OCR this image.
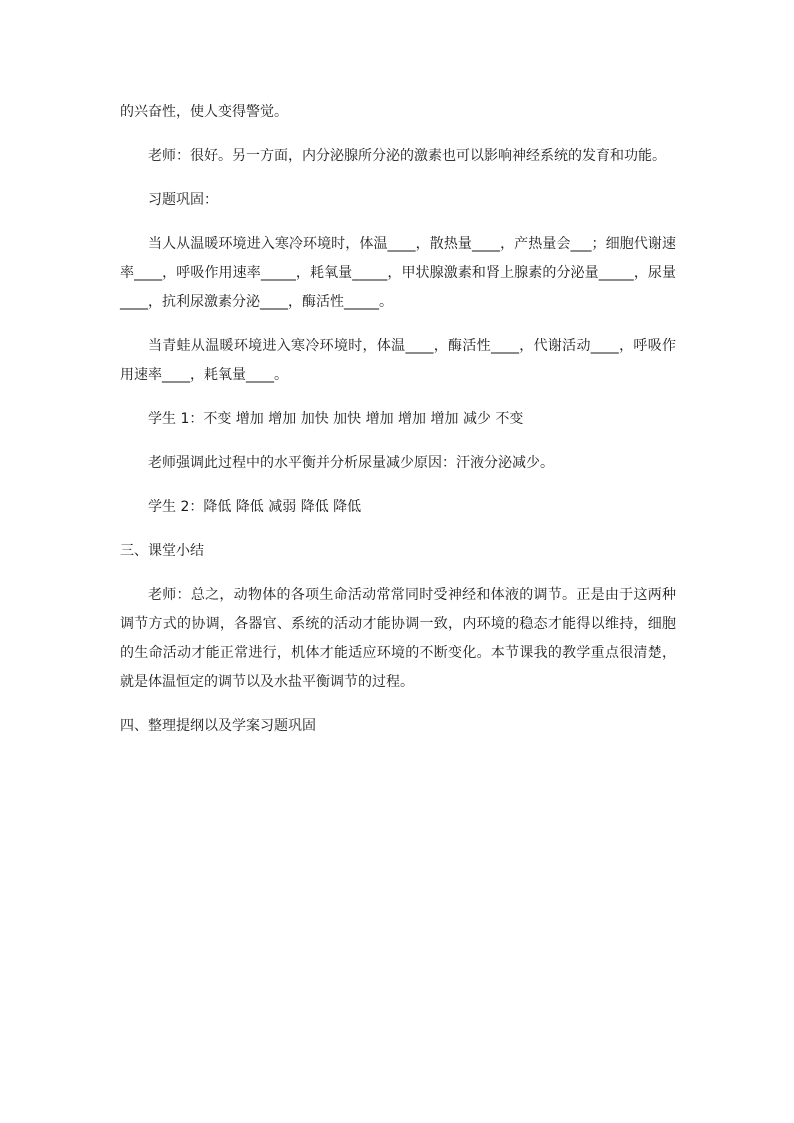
的兴奋性，使人变得警觉。

老师：很好。另一方面，内分泌腺所分泌的激素也可以影响神经系统的发育和功能。

习题巩固：

当人从温暖环境进入寒冷环境时，体温____，散热量____，产热量会___；细胞代谢速率____，呼吸作用速率_____，耗氧量_____，甲状腺激素和肾上腺素的分泌量_____，尿量____，抗利尿激素分泌____，酶活性_____。

当青蛙从温暖环境进入寒冷环境时，体温____，酶活性____，代谢活动____，呼吸作用速率____，耗氧量____。

学生 1：不变 增加 增加 加快 加快 增加 增加 增加 减少 不变

老师强调此过程中的水平衡并分析尿量减少原因：汗液分泌减少。

学生 2：降低 降低 减弱 降低 降低

三、课堂小结

老师：总之，动物体的各项生命活动常常同时受神经和体液的调节。正是由于这两种调节方式的协调，各器官、系统的活动才能协调一致，内环境的稳态才能得以维持，细胞的生命活动才能正常进行，机体才能适应环境的不断变化。本节课我的教学重点很清楚，就是体温恒定的调节以及水盐平衡调节的过程。

四、整理提纲以及学案习题巩固
